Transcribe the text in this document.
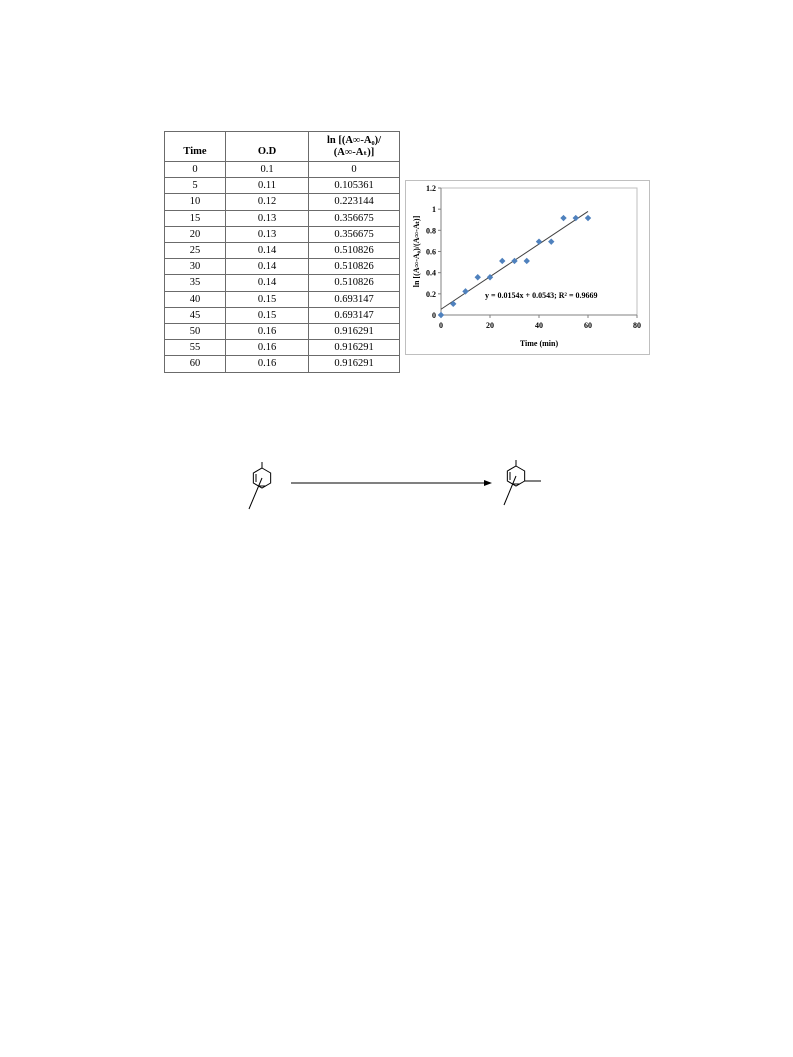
Time	O.D	ln [(A∞-A₀)/
(A∞-Aₜ)]

0	0.1	0
5	0.11	0.105361
10	0.12	0.223144
15	0.13	0.356675
20	0.13	0.356675
25	0.14	0.510826
30	0.14	0.510826
35	0.14	0.510826
40	0.15	0.693147
45	0.15	0.693147
50	0.16	0.916291
55	0.16	0.916291
60	0.16	0.916291
0
0.2
0.4
0.6
0.8
1
1.2
0	20	40	60	80
Time (min)
ln [(A∞-A₀)/(A∞-Aₜ)]
y = 0.0154x + 0.0543; R² = 0.9669
